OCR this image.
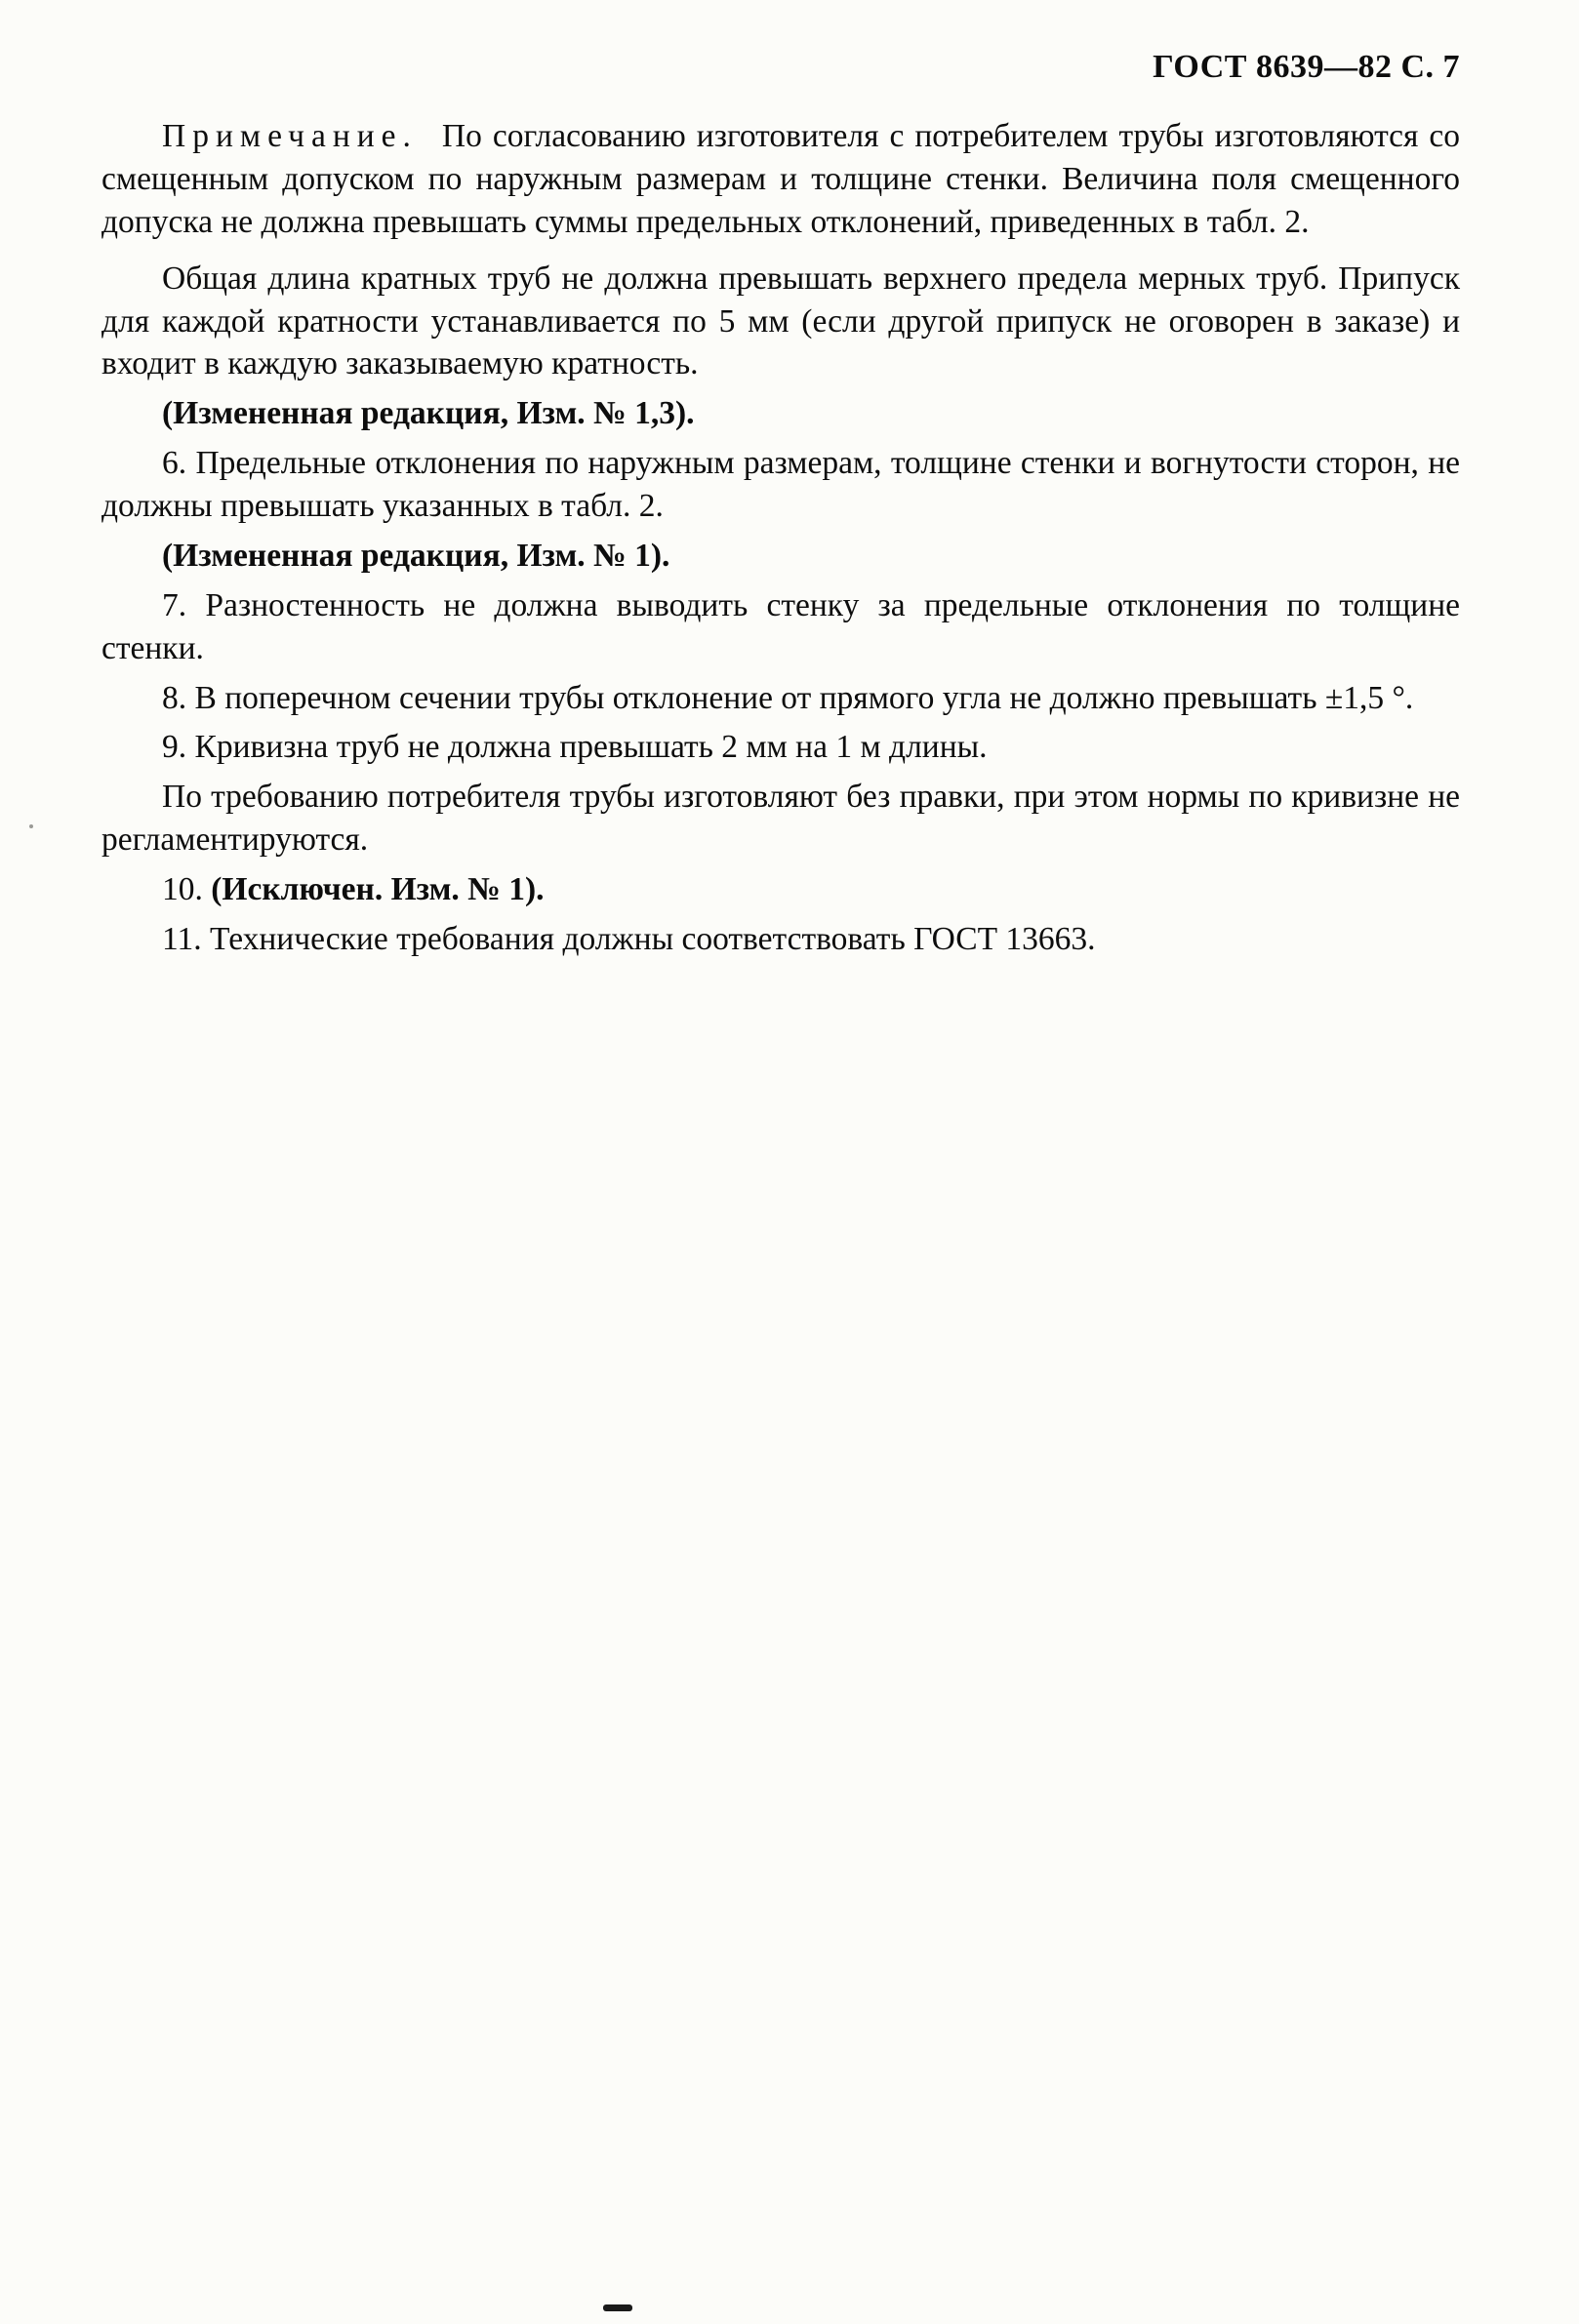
ГОСТ 8639—82 С. 7

Примечание. По согласованию изготовителя с потребителем трубы изготовляются со смещенным допуском по наружным размерам и толщине стенки. Величина поля смещенного допуска не должна превышать суммы предельных отклонений, приведенных в табл. 2.

Общая длина кратных труб не должна превышать верхнего предела мерных труб. Припуск для каждой кратности устанавливается по 5 мм (если другой припуск не оговорен в заказе) и входит в каждую заказываемую кратность.

(Измененная редакция, Изм. № 1,3).

6. Предельные отклонения по наружным размерам, толщине стенки и вогнутости сторон, не должны превышать указанных в табл. 2.

(Измененная редакция, Изм. № 1).

7. Разностенность не должна выводить стенку за предельные отклонения по толщине стенки.

8. В поперечном сечении трубы отклонение от прямого угла не должно превышать ±1,5 °.

9. Кривизна труб не должна превышать 2 мм на 1 м длины.

По требованию потребителя трубы изготовляют без правки, при этом нормы по кривизне не регламентируются.

10. (Исключен. Изм. № 1).

11. Технические требования должны соответствовать ГОСТ 13663.
